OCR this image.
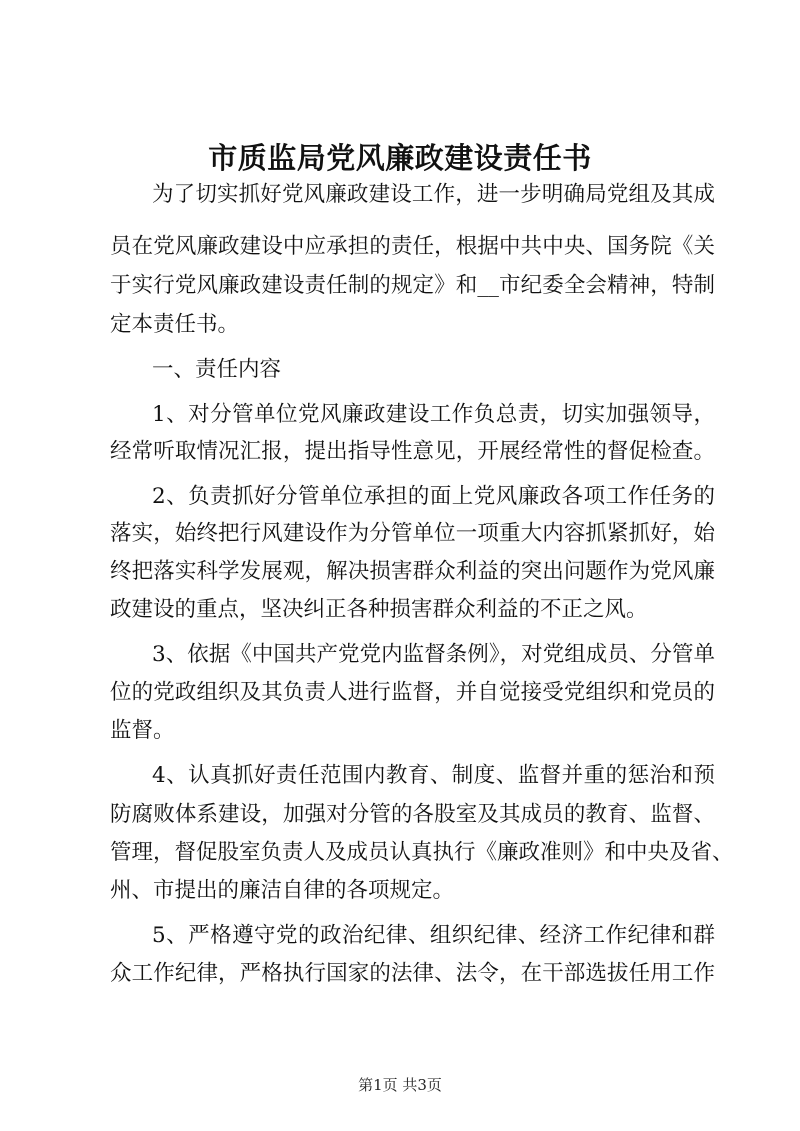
市质监局党风廉政建设责任书
为了切实抓好党风廉政建设工作，进一步明确局党组及其成
员在党风廉政建设中应承担的责任，根据中共中央、国务院《关
于实行党风廉政建设责任制的规定》和__市纪委全会精神，特制
定本责任书。
一、责任内容
1、对分管单位党风廉政建设工作负总责，切实加强领导，
经常听取情况汇报，提出指导性意见，开展经常性的督促检查。
2、负责抓好分管单位承担的面上党风廉政各项工作任务的
落实，始终把行风建设作为分管单位一项重大内容抓紧抓好，始
终把落实科学发展观，解决损害群众利益的突出问题作为党风廉
政建设的重点，坚决纠正各种损害群众利益的不正之风。
3、依据《中国共产党党内监督条例》，对党组成员、分管单
位的党政组织及其负责人进行监督，并自觉接受党组织和党员的
监督。
4、认真抓好责任范围内教育、制度、监督并重的惩治和预
防腐败体系建设，加强对分管的各股室及其成员的教育、监督、
管理，督促股室负责人及成员认真执行《廉政准则》和中央及省、
州、市提出的廉洁自律的各项规定。
5、严格遵守党的政治纪律、组织纪律、经济工作纪律和群
众工作纪律，严格执行国家的法律、法令，在干部选拔任用工作
第1页 共3页
